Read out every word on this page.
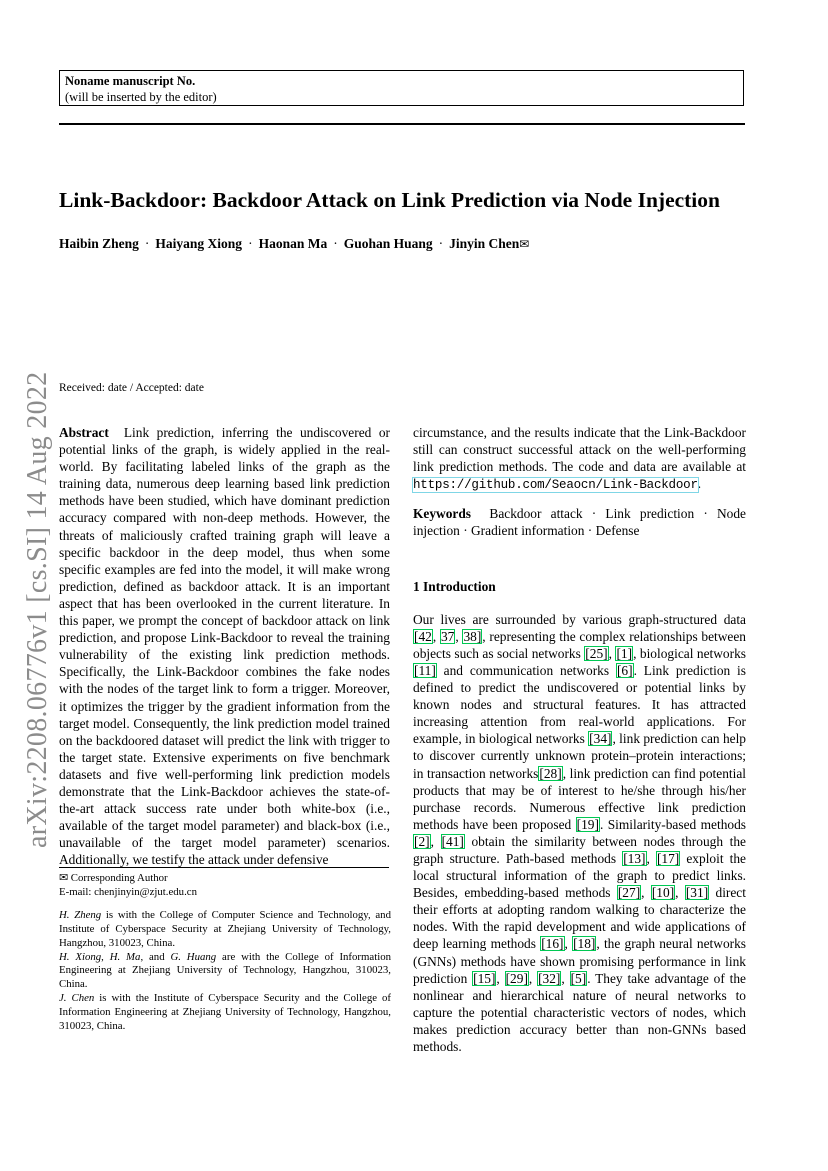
Noname manuscript No.
(will be inserted by the editor)
Link-Backdoor: Backdoor Attack on Link Prediction via Node Injection
Haibin Zheng · Haiyang Xiong · Haonan Ma · Guohan Huang · Jinyin Chen✉
arXiv:2208.06776v1 [cs.SI] 14 Aug 2022 Received: date / Accepted: date
Abstract Link prediction, inferring the undiscovered or potential links of the graph, is widely applied in the real-world. By facilitating labeled links of the graph as the training data, numerous deep learning based link prediction methods have been studied, which have dominant prediction accuracy compared with non-deep methods. However, the threats of maliciously crafted training graph will leave a specific backdoor in the deep model, thus when some specific examples are fed into the model, it will make wrong prediction, defined as backdoor attack. It is an important aspect that has been overlooked in the current literature. In this paper, we prompt the concept of backdoor attack on link prediction, and propose Link-Backdoor to reveal the training vulnerability of the existing link prediction methods. Specifically, the Link-Backdoor combines the fake nodes with the nodes of the target link to form a trigger. Moreover, it optimizes the trigger by the gradient information from the target model. Consequently, the link prediction model trained on the backdoored dataset will predict the link with trigger to the target state. Extensive experiments on five benchmark datasets and five well-performing link prediction models demonstrate that the Link-Backdoor achieves the state-of-the-art attack success rate under both white-box (i.e., available of the target model parameter) and black-box (i.e., unavailable of the target model parameter) scenarios. Additionally, we testify the attack under defensive
circumstance, and the results indicate that the Link-Backdoor still can construct successful attack on the well-performing link prediction methods. The code and data are available at https://github.com/Seaocn/Link-Backdoor.
Keywords Backdoor attack · Link prediction · Node injection · Gradient information · Defense
1 Introduction
Our lives are surrounded by various graph-structured data [42, 37, 38], representing the complex relationships between objects such as social networks [25], [1], biological networks [11] and communication networks [6]. Link prediction is defined to predict the undiscovered or potential links by known nodes and structural features. It has attracted increasing attention from real-world applications. For example, in biological networks [34], link prediction can help to discover currently unknown protein–protein interactions; in transaction networks[28], link prediction can find potential products that may be of interest to he/she through his/her purchase records. Numerous effective link prediction methods have been proposed [19]. Similarity-based methods [2], [41] obtain the similarity between nodes through the graph structure. Path-based methods [13], [17] exploit the local structural information of the graph to predict links. Besides, embedding-based methods [27], [10], [31] direct their efforts at adopting random walking to characterize the nodes. With the rapid development and wide applications of deep learning methods [16], [18], the graph neural networks (GNNs) methods have shown promising performance in link prediction [15], [29], [32], [5]. They take advantage of the nonlinear and hierarchical nature of neural networks to capture the potential characteristic vectors of nodes, which makes prediction accuracy better than non-GNNs based methods.

✉ Corresponding Author

E-mail: chenjinyin@zjut.edu.cn

H. Zheng is with the College of Computer Science and Technology, and Institute of Cyberspace Security at Zhejiang University of Technology, Hangzhou, 310023, China.

H. Xiong, H. Ma, and G. Huang are with the College of Information Engineering at Zhejiang University of Technology, Hangzhou, 310023, China.

J. Chen is with the Institute of Cyberspace Security and the College of Information Engineering at Zhejiang University of Technology, Hangzhou, 310023, China.
